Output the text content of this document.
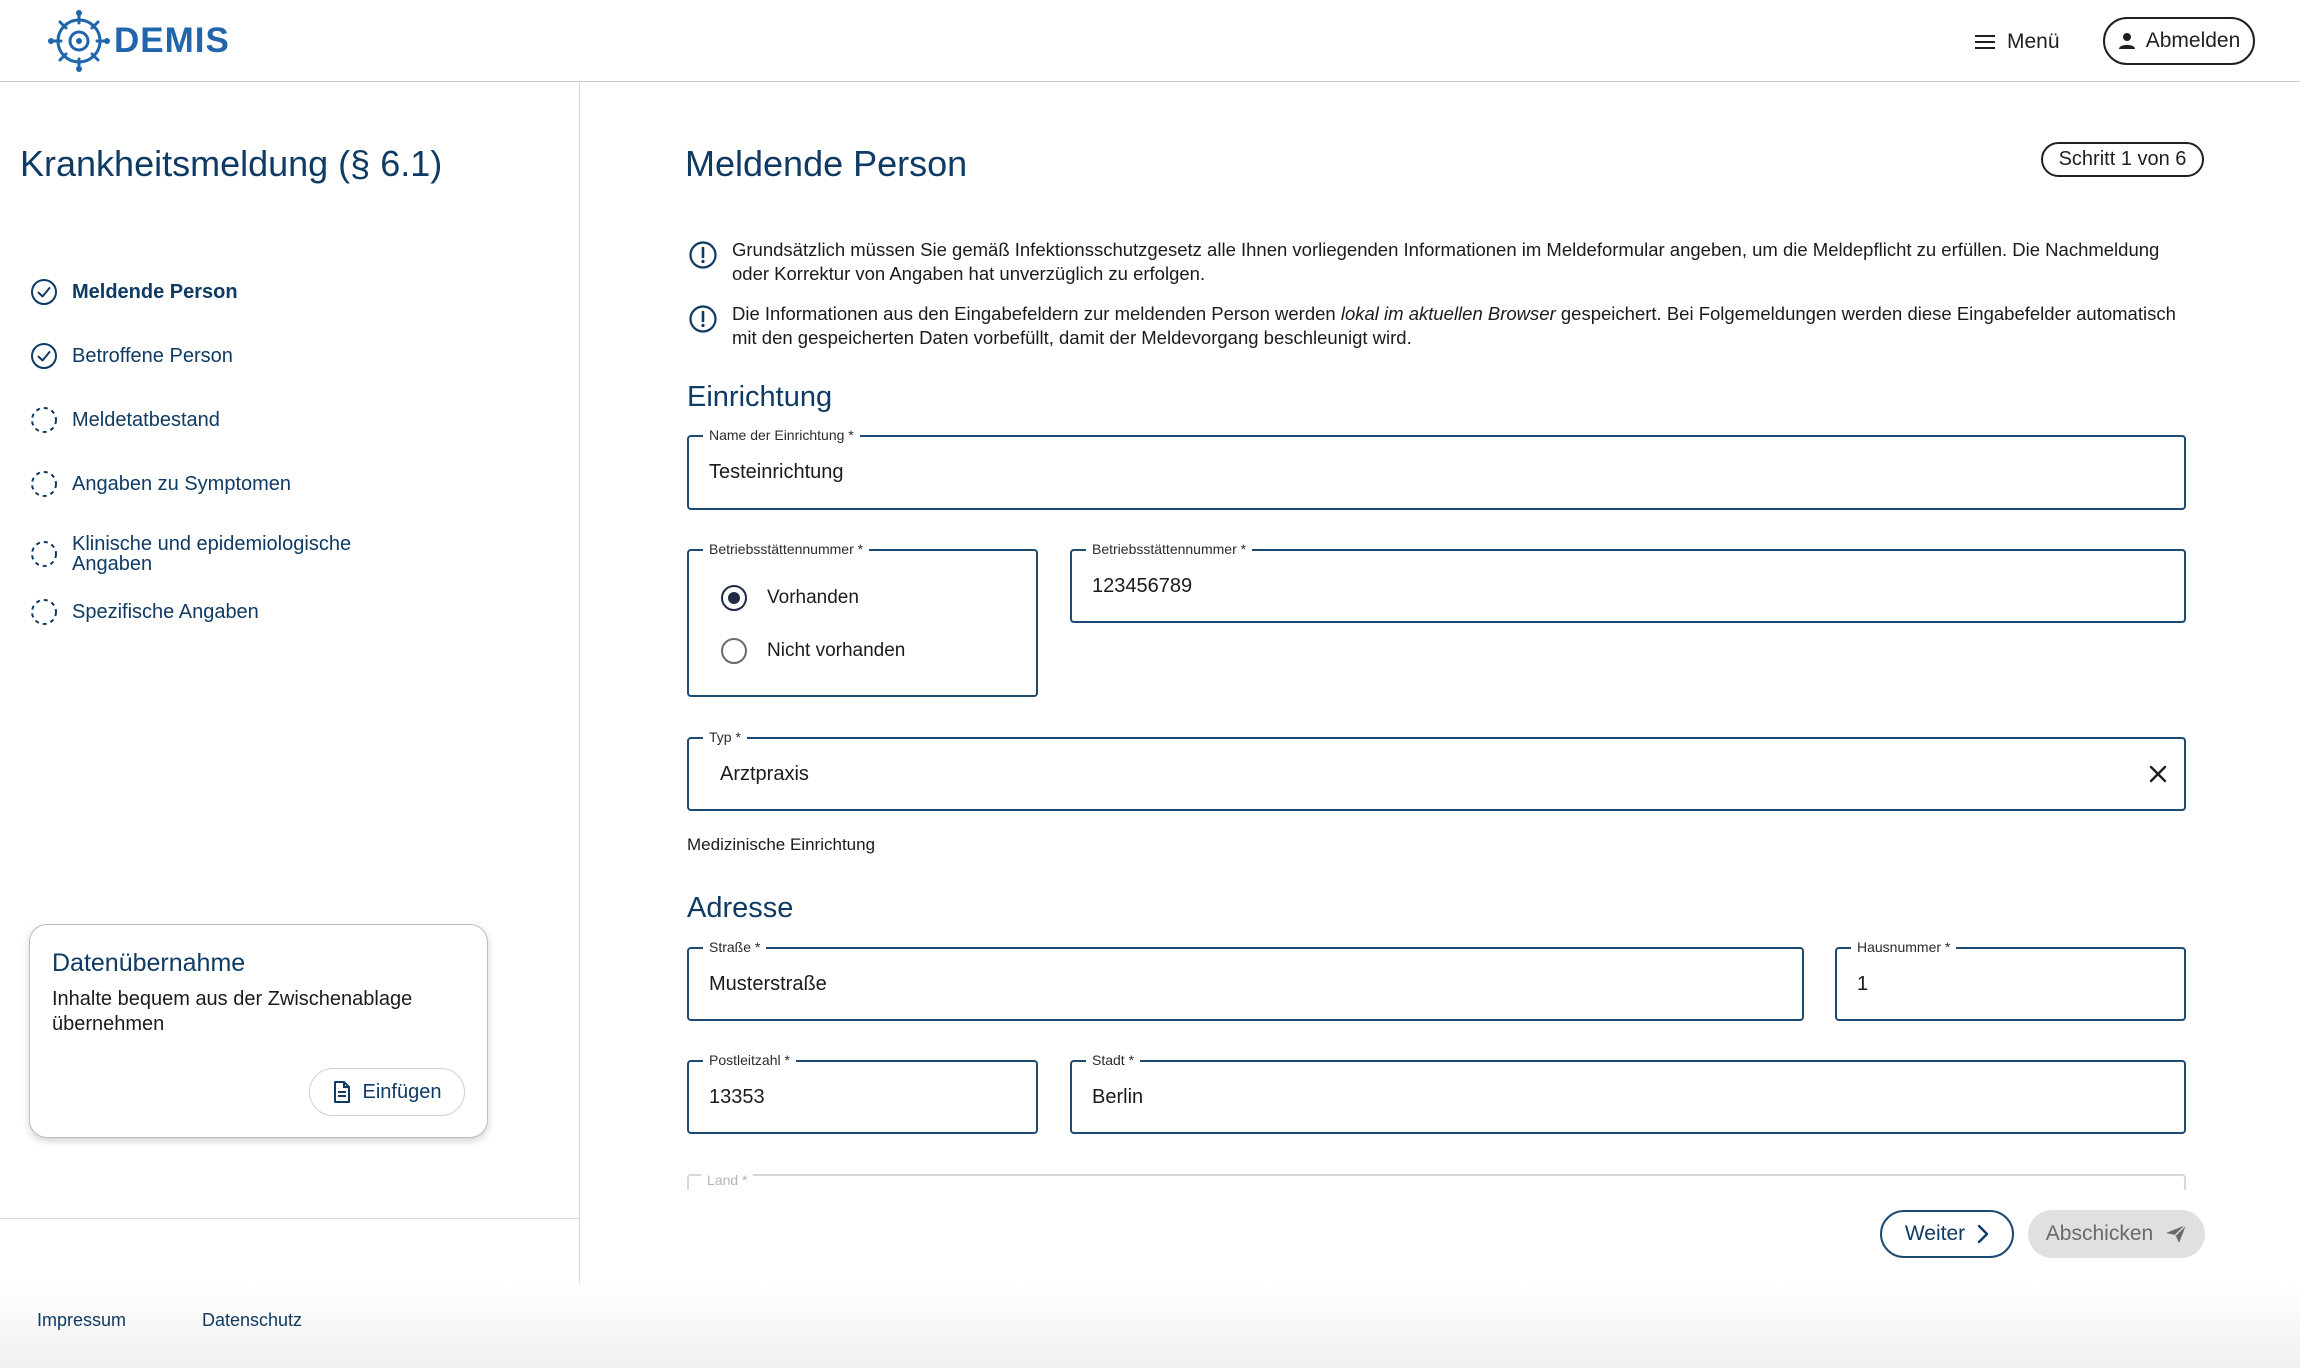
DEMIS	Menü	Abmelden
Krankheitsmeldung (§ 6.1)
Meldende Person
Betroffene Person
Meldetatbestand
Angaben zu Symptomen
Klinische und epidemiologische Angaben
Spezifische Angaben
Datenübernahme
Inhalte bequem aus der Zwischenablage übernehmen
Einfügen
Meldende Person	Schritt 1 von 6

Grundsätzlich müssen Sie gemäß Infektionsschutzgesetz alle Ihnen vorliegenden Informationen im Meldeformular angeben, um die Meldepflicht zu erfüllen. Die Nachmeldung oder Korrektur von Angaben hat unverzüglich zu erfolgen.

Die Informationen aus den Eingabefeldern zur meldenden Person werden lokal im aktuellen Browser gespeichert. Bei Folgemeldungen werden diese Eingabefelder automatisch mit den gespeicherten Daten vorbefüllt, damit der Meldevorgang beschleunigt wird.

Einrichtung
Name der Einrichtung *
Testeinrichtung
Betriebsstättennummer *
Vorhanden
Nicht vorhanden
Betriebsstättennummer *
123456789
Typ *
Arztpraxis
Medizinische Einrichtung
Adresse
Straße *
Musterstraße
Hausnummer *
1
Postleitzahl *
13353
Stadt *
Berlin
Land *
Weiter	Abschicken
Impressum	Datenschutz
